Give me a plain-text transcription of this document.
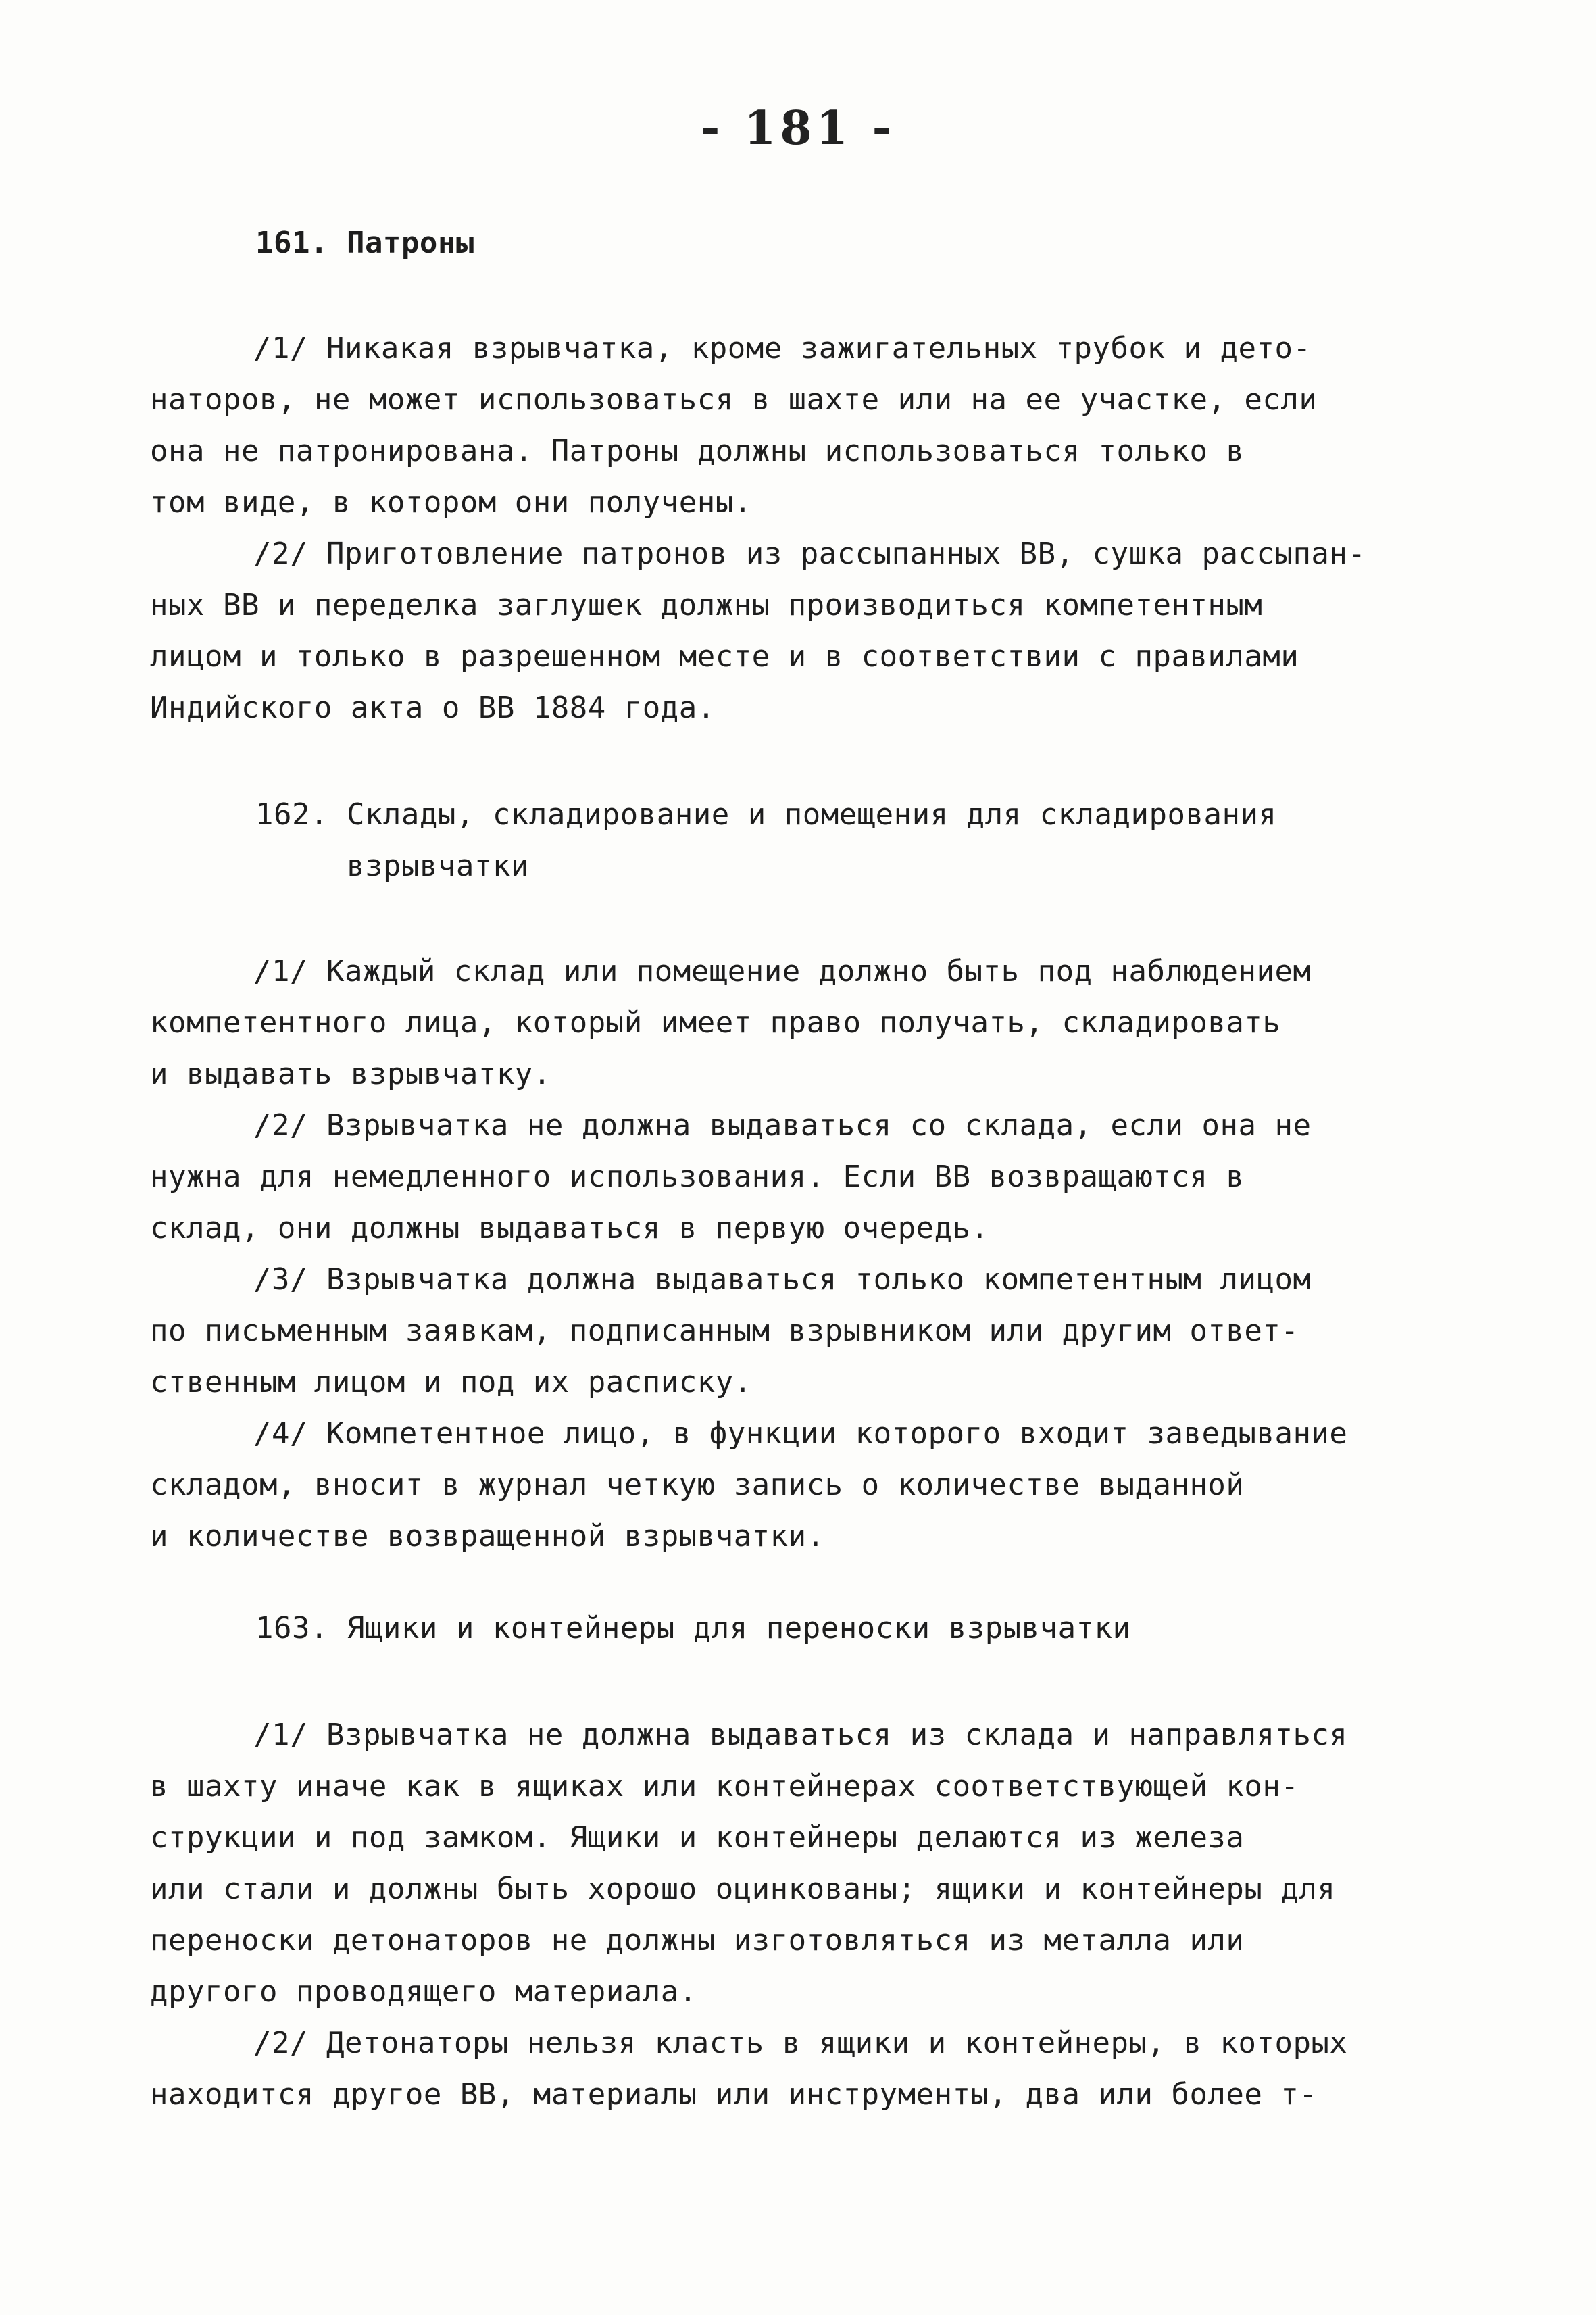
- 181 -
161. Патроны
/1/ Никакая взрывчатка, кроме зажигательных трубок и дето-
наторов, не может использоваться в шахте или на ее участке, если
она не патронирована. Патроны должны использоваться только в
том виде, в котором они получены.
/2/ Приготовление патронов из рассыпанных ВВ, сушка рассыпан-
ных ВВ и переделка заглушек должны производиться компетентным
лицом и только в разрешенном месте и в соответствии с правилами
Индийского акта о ВВ 1884 года.
162. Склады, складирование и помещения для складирования
взрывчатки
/1/ Каждый склад или помещение должно быть под наблюдением
компетентного лица, который имеет право получать, складировать
и выдавать взрывчатку.
/2/ Взрывчатка не должна выдаваться со склада, если она не
нужна для немедленного использования. Если ВВ возвращаются в
склад, они должны выдаваться в первую очередь.
/3/ Взрывчатка должна выдаваться только компетентным лицом
по письменным заявкам, подписанным взрывником или другим ответ-
ственным лицом и под их расписку.
/4/ Компетентное лицо, в функции которого входит заведывание
складом, вносит в журнал четкую запись о количестве выданной
и количестве возвращенной взрывчатки.
163. Ящики и контейнеры для переноски взрывчатки
/1/ Взрывчатка не должна выдаваться из склада и направляться
в шахту иначе как в ящиках или контейнерах соответствующей кон-
струкции и под замком. Ящики и контейнеры делаются из железа
или стали и должны быть хорошо оцинкованы; ящики и контейнеры для
переноски детонаторов не должны изготовляться из металла или
другого проводящего материала.
/2/ Детонаторы нельзя класть в ящики и контейнеры, в которых
находится другое ВВ, материалы или инструменты, два или более т-
